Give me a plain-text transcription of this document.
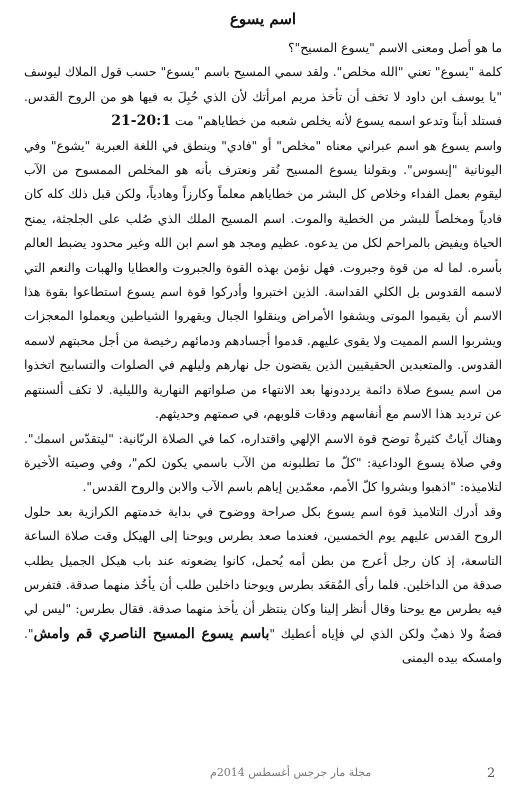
اسم يسوع

ما هو أصل ومعنى الاسم "يسوع المسيح"؟

كلمة "يسوع" تعني "الله مخلص". ولقد سمي المسيح باسم "يسوع" حسب قول الملاك ليوسف "يا يوسف ابن داود لا تخف أن تأخذ مريم امرأتك لأن الذي حُبِلَ به فيها هو من الروح القدس. فستلد أبناً وتدعو اسمه يسوع لأنه يخلص شعبه من خطاياهم" مت 20:1-21

واسم يسوع هو اسم عبراني معناه "مخلص" أو "فادي" وينطق في اللغة العبرية "يشوع" وفي اليونانية "إيسوس". وبقولنا يسوع المسيح نُقر ونعترف بأنه هو المخلص الممسوح من الآب ليقوم بعمل الفداء وخلاص كل البشر من خطاياهم معلماً وكارزاً وهادياً، ولكن قبل ذلك كله كان فادياً ومخلصاً للبشر من الخطية والموت. اسم المسيح الملك الذي صُلب على الجلجثة، يمنح الحياة ويفيض بالمراحم لكل من يدعوه. عظيم ومجد هو اسم ابن الله وغير محدود يضبط العالم بأسره. لما له من قوة وجبروت. فهل نؤمن بهذه القوة والجبروت والعطايا والهبات والنعم التي لاسمه القدوس بل الكلي القداسة. الذين اختبروا وأدركوا قوة اسم يسوع استطاعوا بقوة هذا الاسم أن يقيموا الموتى ويشفوا الأمراض وينقلوا الجبال ويقهروا الشياطين ويعملوا المعجزات ويشربوا السم المميت ولا يقوى عليهم. قدموا أجسادهم ودمائهم رخيصة من أجل محبتهم لاسمه القدوس. والمتعبدين الحقيقيين الذين يقضون جل نهارهم وليلهم في الصلوات والتسابيح اتخذوا من اسم يسوع صلاة دائمة يرددونها بعد الانتهاء من صلواتهم النهارية والليلية. لا تكف ألسنتهم عن ترديد هذا الاسم مع أنفاسهم ودقات قلوبهم، في صمتهم وحديثهم.

وهناك آياتٌ كثيرةٌ توضح قوة الاسم الإلهي واقتداره، كما في الصلاة الربّانية: "ليتقدّس اسمك". وفي صلاة يسوع الوداعية: "كلّ ما تطلبونه من الآب باسمي يكون لكم"، وفي وصيته الأخيرة لتلاميذه: "اذهبوا وبشروا كلّ الأمم، معمّدين إياهم باسم الآب والابن والروح القدس".

وقد أدرك التلاميذ قوة اسم يسوع بكل صراحة ووضوح في بداية خدمتهم الكرازية بعد حلول الروح القدس عليهم يوم الخمسين، فعندما صعد بطرس ويوحنا إلى الهيكل وقت صلاة الساعة التاسعة، إذ كان رجل أعرج من بطن أمه يُحمل، كانوا يضعونه عند باب هيكل الجميل يطلب صدقة من الداخلين. فلما رأى المُقعَد بطرس ويوحنا داخلين طلب أن يأخُذ منهما صدقة. فتفرس فيه بطرس مع يوحنا وقال أنظر إلينا وكان ينتظر أن يأخذ منهما صدقة. فقال بطرس: "ليس لي فضةٌ ولا ذهبٌ ولكن الذي لي فإياه أعطيك "باسم يسوع المسيح الناصري قم وامش". وامسكه بيده اليمنى

مجلة مار جرجس أغسطس 2014م	2
